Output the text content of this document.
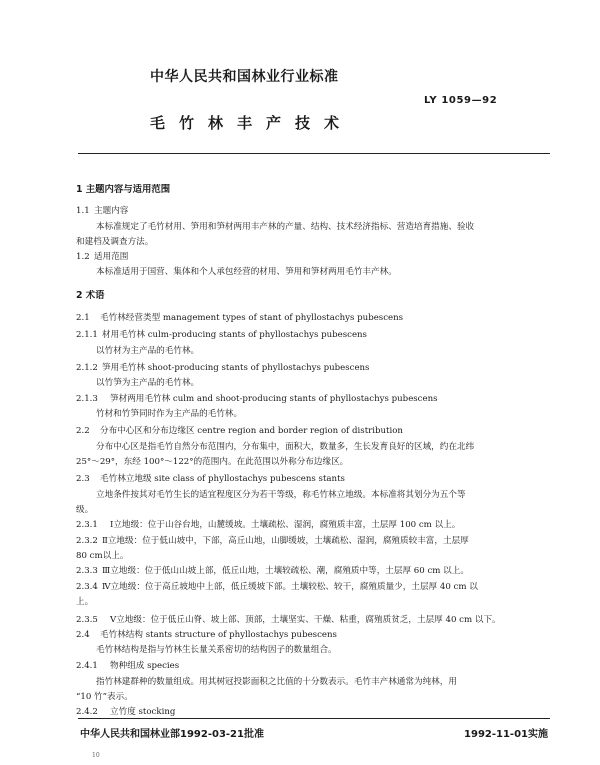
中华人民共和国林业行业标准
LY 1059—92
毛竹林丰产技术
1 主题内容与适用范围
1.1 主题内容
本标准规定了毛竹材用、笋用和笋材两用丰产林的产量、结构、技术经济指标、营造培育措施、验收
和建档及调查方法。
1.2 适用范围
本标准适用于国营、集体和个人承包经营的材用、笋用和笋材两用毛竹丰产林。
2 术语
2.1 毛竹林经营类型 management types of stant of phyllostachys pubescens
2.1.1 材用毛竹林 culm-producing stants of phyllostachys pubescens
以竹材为主产品的毛竹林。
2.1.2 笋用毛竹林 shoot-producing stants of phyllostachys pubescens
以竹笋为主产品的毛竹林。
2.1.3 笋材两用毛竹林 culm and shoot-producing stants of phyllostachys pubescens
竹材和竹笋同时作为主产品的毛竹林。
2.2 分布中心区和分布边缘区 centre region and border region of distribution
分布中心区是指毛竹自然分布范围内，分布集中，面积大，数量多，生长发育良好的区域，约在北纬
25°～29°，东经 100°～122°的范围内。在此范围以外称分布边缘区。
2.3 毛竹林立地级 site class of phyllostachys pubescens stants
立地条件按其对毛竹生长的适宜程度区分为若干等级，称毛竹林立地级。本标准将其划分为五个等
级。
2.3.1 Ⅰ立地级：位于山谷台地，山麓缓坡。土壤疏松、湿润，腐殖质丰富，土层厚 100 cm 以上。
2.3.2 Ⅱ立地级：位于低山坡中，下部，高丘山地，山脚缓坡，土壤疏松、湿润，腐殖质较丰富，土层厚
80 cm以上。
2.3.3 Ⅲ立地级：位于低山山坡上部，低丘山地，土壤较疏松、潮，腐殖质中等，土层厚 60 cm 以上。
2.3.4 Ⅳ立地级：位于高丘坡地中上部，低丘缓坡下部。土壤较松、较干，腐殖质量少，土层厚 40 cm 以
上。
2.3.5 Ⅴ立地级：位于低丘山脊、坡上部、顶部，土壤坚实、干燥、粘重，腐殖质贫乏，土层厚 40 cm 以下。
2.4 毛竹林结构 stants structure of phyllostachys pubescens
毛竹林结构是指与竹林生长量关系密切的结构因子的数量组合。
2.4.1 物种组成 species
指竹林建群种的数量组成。用其树冠投影面积之比值的十分数表示。毛竹丰产林通常为纯林，用
“10 竹”表示。
2.4.2 立竹度 stocking
中华人民共和国林业部1992-03-21批准	1992-11-01实施
10
